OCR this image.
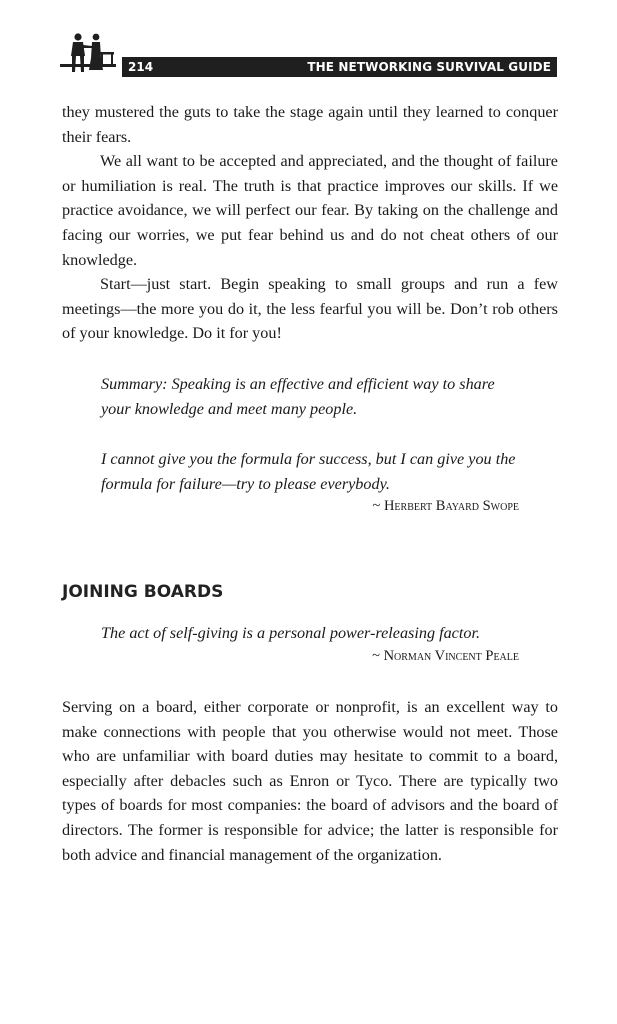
214	THE NETWORKING SURVIVAL GUIDE

they mustered the guts to take the stage again until they learned to conquer their fears.

We all want to be accepted and appreciated, and the thought of failure or humiliation is real. The truth is that practice improves our skills. If we practice avoidance, we will perfect our fear. By taking on the challenge and facing our worries, we put fear behind us and do not cheat others of our knowledge.

Start—just start. Begin speaking to small groups and run a few meetings—the more you do it, the less fearful you will be. Don’t rob others of your knowledge. Do it for you!

Summary: Speaking is an effective and efficient way to share your knowledge and meet many people.

I cannot give you the formula for success, but I can give you the formula for failure—try to please everybody.

~ Herbert Bayard Swope
JOINING BOARDS

The act of self-giving is a personal power-releasing factor.

~ Norman Vincent Peale

Serving on a board, either corporate or nonprofit, is an excellent way to make connections with people that you otherwise would not meet. Those who are unfamiliar with board duties may hesitate to commit to a board, especially after debacles such as Enron or Tyco. There are typically two types of boards for most companies: the board of advisors and the board of directors. The former is responsible for advice; the latter is responsible for both advice and financial management of the organization.
